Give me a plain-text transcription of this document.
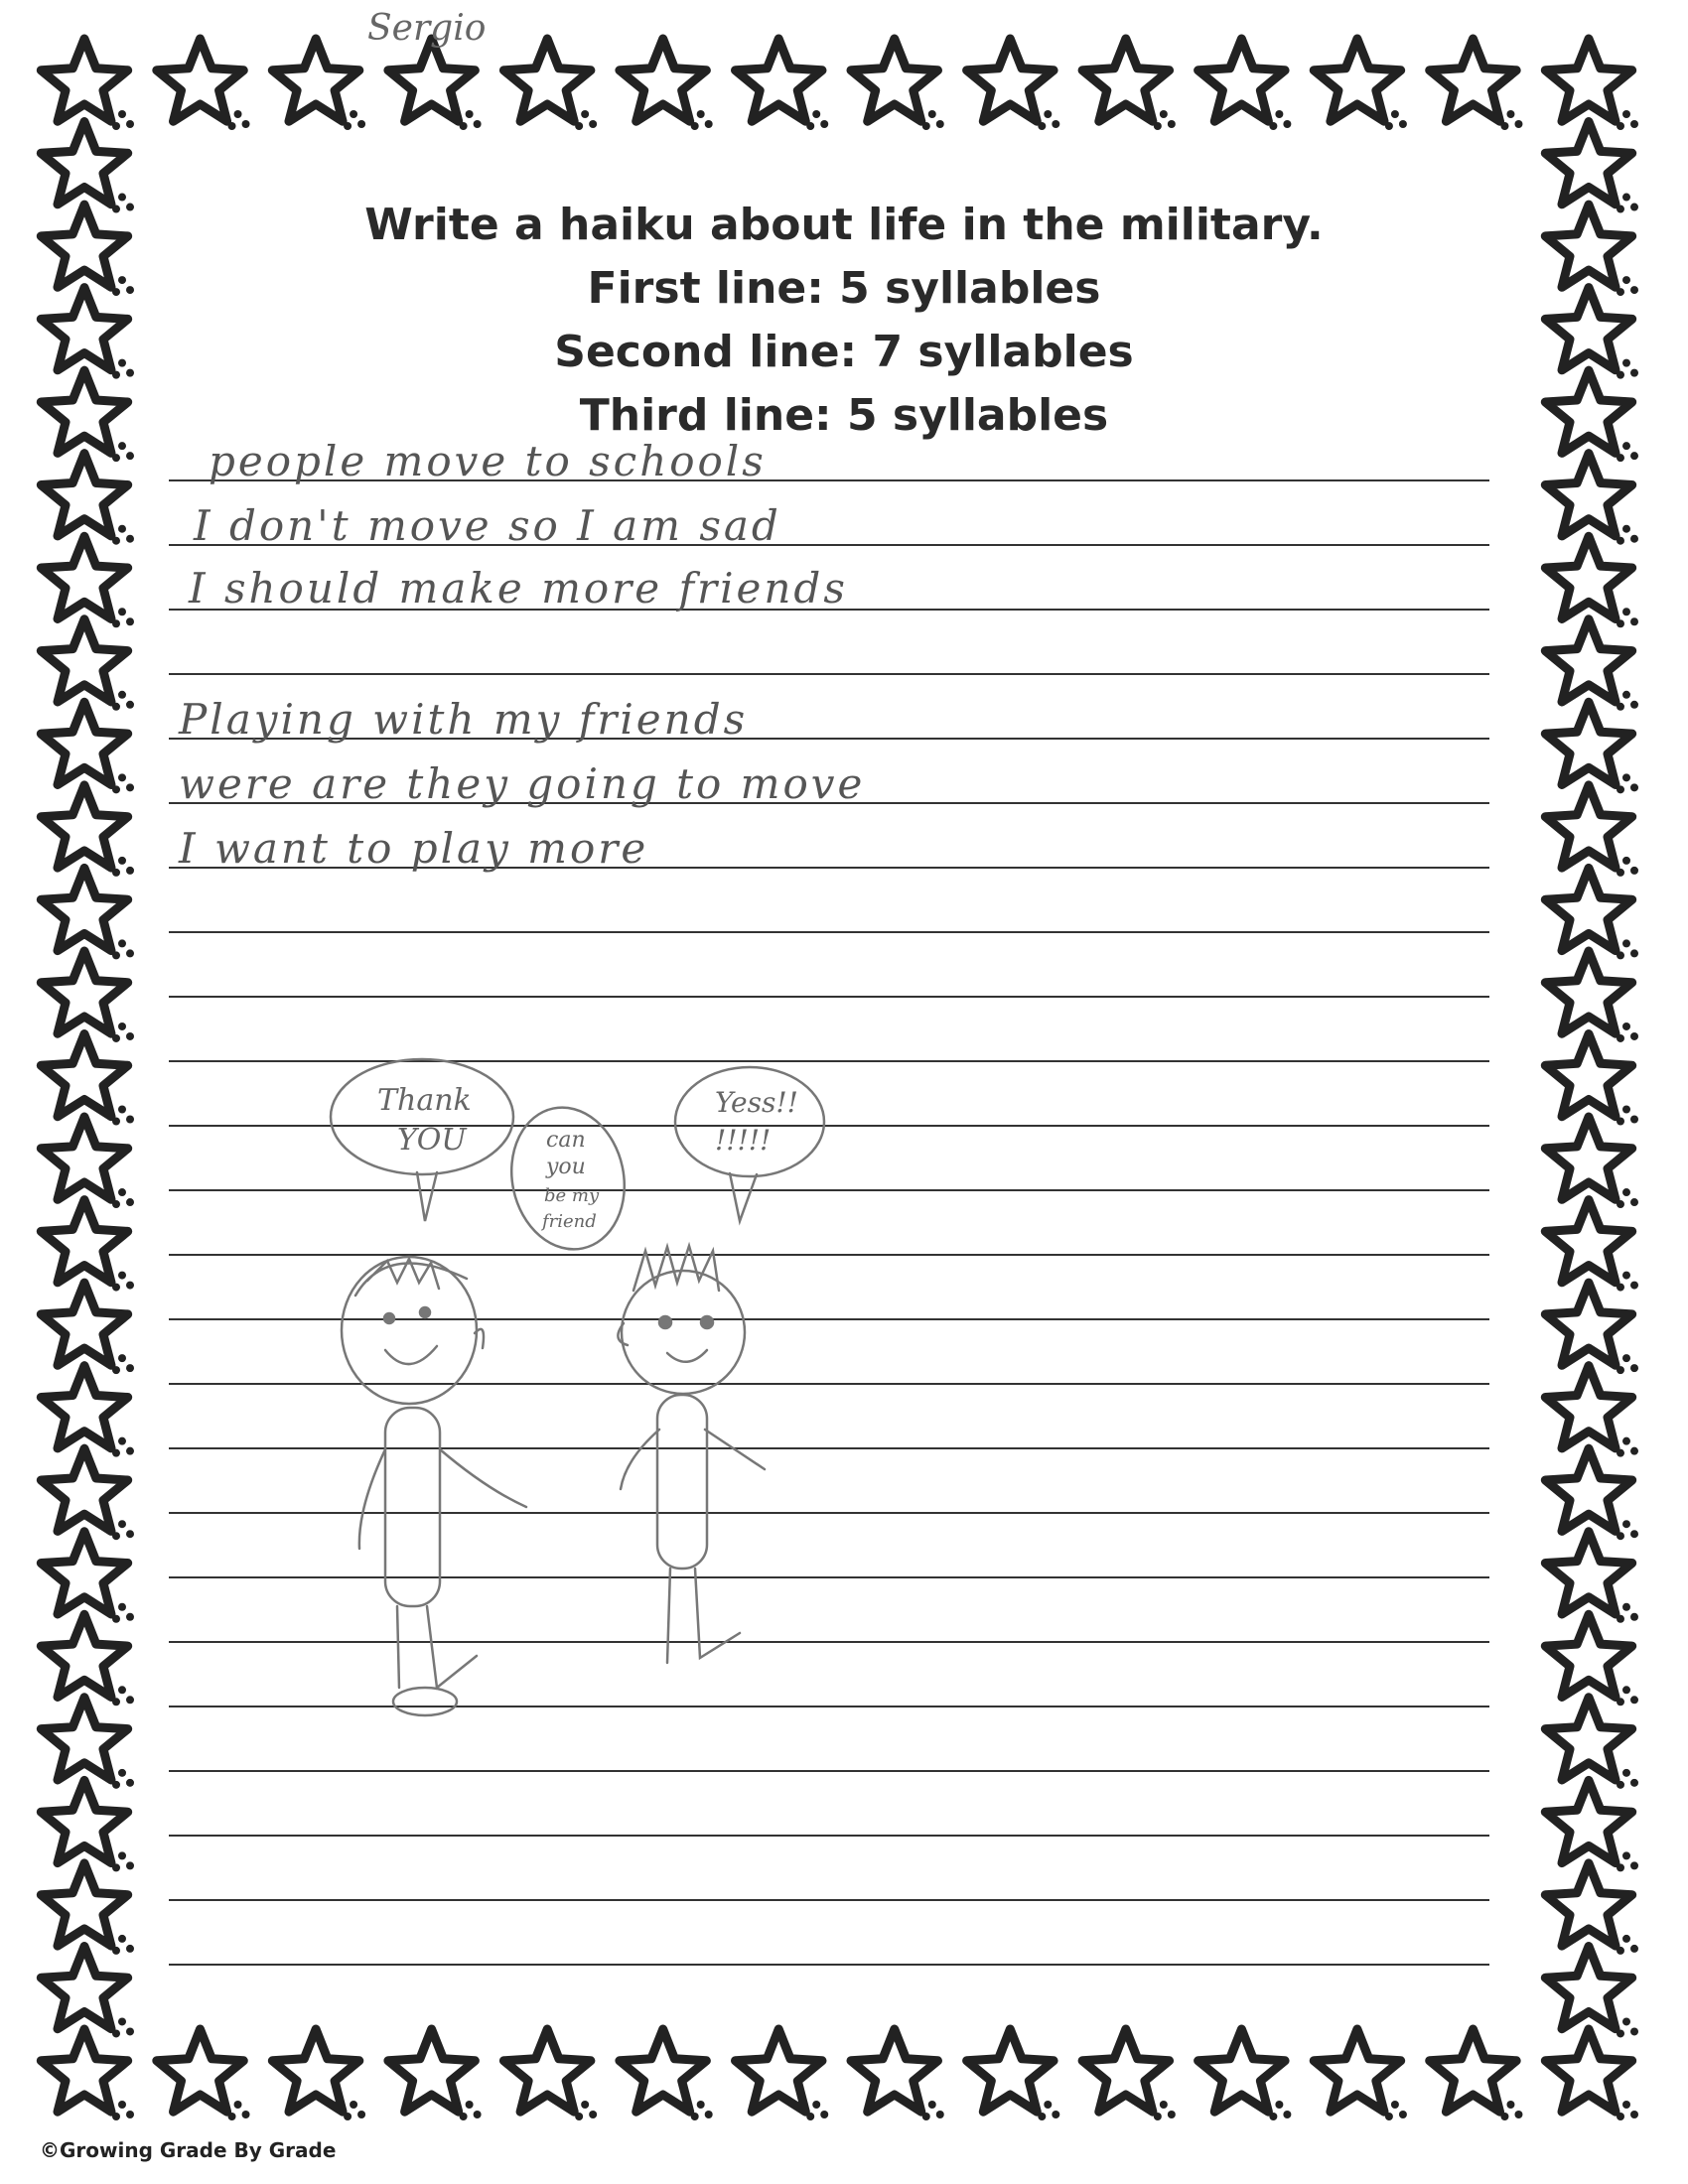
Sergio
Write a haiku about life in the military.
First line: 5 syllables
Second line: 7 syllables
Third line: 5 syllables
people move to schools
I don't move so I am sad
I should make more friends
Playing with my friends
were are they going to move
I want to play more
Thank
YOU	can
you
be my
friend
Yess!!
!!!!!
©Growing Grade By Grade
